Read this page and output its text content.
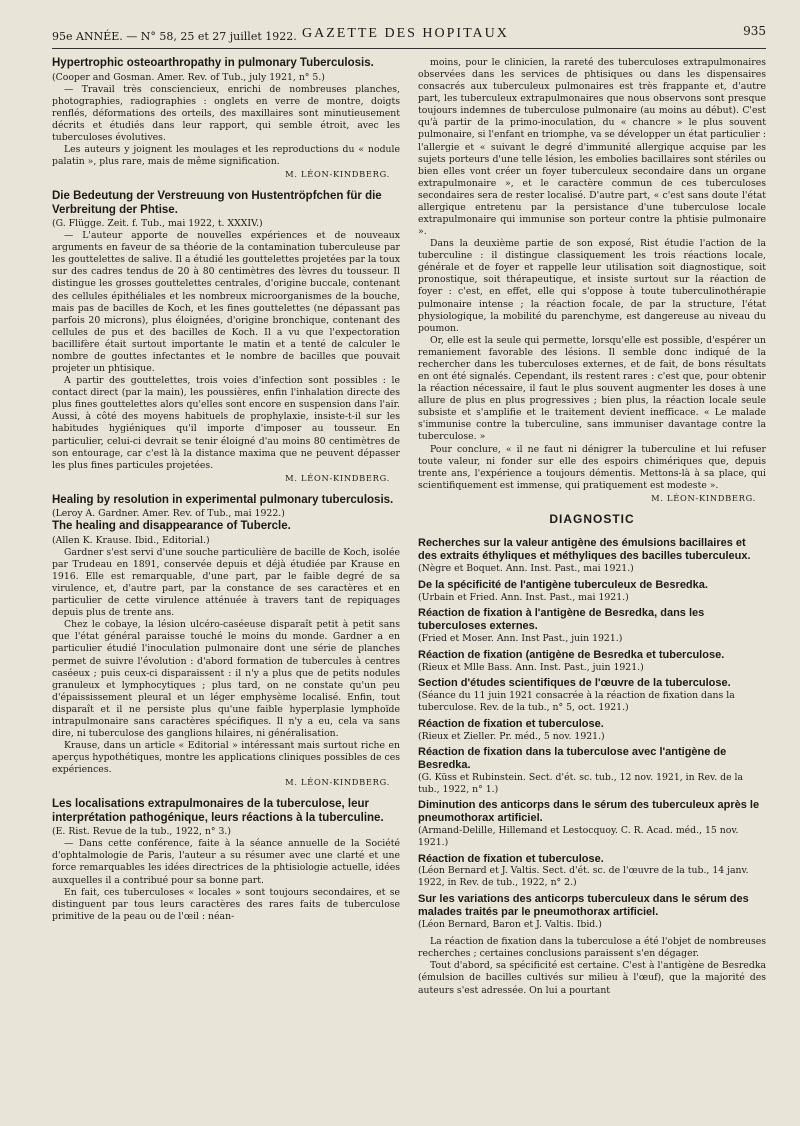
95e ANNÉE. — N° 58, 25 et 27 juillet 1922. GAZETTE DES HOPITAUX	935
Hypertrophic osteoarthropathy in pulmonary Tuberculosis.
(Cooper and Gosman. Amer. Rev. of Tub., july 1921, n° 5.)

— Travail très consciencieux, enrichi de nombreuses planches, photographies, radiographies : onglets en verre de montre, doigts renflés, déformations des orteils, des maxillaires sont minutieusement décrits et étudiés dans leur rapport, qui semble étroit, avec les tuberculoses évolutives.

Les auteurs y joignent les moulages et les reproductions du « nodule palatin », plus rare, mais de même signification.

M. LÉON-KINDBERG.
Die Bedeutung der Verstreuung von Hustentröpfchen für die Verbreitung der Phtise.
(G. Flügge. Zeit. f. Tub., mai 1922, t. XXXIV.)

— L'auteur apporte de nouvelles expériences et de nouveaux arguments en faveur de sa théorie de la contamination tuberculeuse par les gouttelettes de salive. Il a étudié les gouttelettes projetées par la toux sur des cadres tendus de 20 à 80 centimètres des lèvres du tousseur. Il distingue les grosses gouttelettes centrales, d'origine buccale, contenant des cellules épithéliales et les nombreux microorganismes de la bouche, mais pas de bacilles de Koch, et les fines gouttelettes (ne dépassant pas parfois 20 microns), plus éloignées, d'origine bronchique, contenant des cellules de pus et des bacilles de Koch. Il a vu que l'expectoration bacillifère était surtout importante le matin et a tenté de calculer le nombre de gouttes infectantes et le nombre de bacilles que pouvait projeter un phtisique.

A partir des gouttelettes, trois voies d'infection sont possibles : le contact direct (par la main), les poussières, enfin l'inhalation directe des plus fines gouttelettes alors qu'elles sont encore en suspension dans l'air. Aussi, à côté des moyens habituels de prophylaxie, insiste-t-il sur les habitudes hygiéniques qu'il importe d'imposer au tousseur. En particulier, celui-ci devrait se tenir éloigné d'au moins 80 centimètres de son entourage, car c'est là la distance maxima que ne peuvent dépasser les plus fines particules projetées.

M. LÉON-KINDBERG.
Healing by resolution in experimental pulmonary tuberculosis.
(Leroy A. Gardner. Amer. Rev. of Tub., mai 1922.)
The healing and disappearance of Tubercle.
(Allen K. Krause. Ibid., Editorial.)

Gardner s'est servi d'une souche particulière de bacille de Koch, isolée par Trudeau en 1891, conservée depuis et déjà étudiée par Krause en 1916. Elle est remarquable, d'une part, par le faible degré de sa virulence, et, d'autre part, par la constance de ses caractères et en particulier de cette virulence atténuée à travers tant de repiquages depuis plus de trente ans.

Chez le cobaye, la lésion ulcéro-caséeuse disparaît petit à petit sans que l'état général paraisse touché le moins du monde. Gardner a en particulier étudié l'inoculation pulmonaire dont une série de planches permet de suivre l'évolution : d'abord formation de tubercules à centres caséeux ; puis ceux-ci disparaissent : il n'y a plus que de petits nodules granuleux et lymphocytiques ; plus tard, on ne constate qu'un peu d'épaississement pleural et un léger emphysème localisé. Enfin, tout disparaît et il ne persiste plus qu'une faible hyperplasie lymphoïde intrapulmonaire sans caractères spécifiques. Il n'y a eu, cela va sans dire, ni tuberculose des ganglions hilaires, ni généralisation.

Krause, dans un article « Editorial » intéressant mais surtout riche en aperçus hypothétiques, montre les applications cliniques possibles de ces expériences.

M. LÉON-KINDBERG.
Les localisations extrapulmonaires de la tuberculose, leur interprétation pathogénique, leurs réactions à la tuberculine.
(E. Rist. Revue de la tub., 1922, n° 3.)

— Dans cette conférence, faite à la séance annuelle de la Société d'ophtalmologie de Paris, l'auteur a su résumer avec une clarté et une force remarquables les idées directrices de la phtisiologie actuelle, idées auxquelles il a contribué pour sa bonne part.

En fait, ces tuberculoses « locales » sont toujours secondaires, et se distinguent par tous leurs caractères des rares faits de tuberculose primitive de la peau ou de l'œil : néan-

moins, pour le clinicien, la rareté des tuberculoses extrapulmonaires observées dans les services de phtisiques ou dans les dispensaires consacrés aux tuberculeux pulmonaires est très frappante et, d'autre part, les tuberculeux extrapulmonaires que nous observons sont presque toujours indemnes de tuberculose pulmonaire (au moins au début). C'est qu'à partir de la primo-inoculation, du « chancre » le plus souvent pulmonaire, si l'enfant en triomphe, va se développer un état particulier : l'allergie et « suivant le degré d'immunité allergique acquise par les sujets porteurs d'une telle lésion, les embolies bacillaires sont stériles ou bien elles vont créer un foyer tuberculeux secondaire dans un organe extrapulmonaire », et le caractère commun de ces tuberculoses secondaires sera de rester localisé. D'autre part, « c'est sans doute l'état allergique entretenu par la persistance d'une tuberculose locale extrapulmonaire qui immunise son porteur contre la phtisie pulmonaire ».

Dans la deuxième partie de son exposé, Rist étudie l'action de la tuberculine : il distingue classiquement les trois réactions locale, générale et de foyer et rappelle leur utilisation soit diagnostique, soit pronostique, soit thérapeutique, et insiste surtout sur la réaction de foyer : c'est, en effet, elle qui s'oppose à toute tuberculinothérapie pulmonaire intense ; la réaction focale, de par la structure, l'état physiologique, la mobilité du parenchyme, est dangereuse au niveau du poumon.

Or, elle est la seule qui permette, lorsqu'elle est possible, d'espérer un remaniement favorable des lésions. Il semble donc indiqué de la rechercher dans les tuberculoses externes, et de fait, de bons résultats en ont été signalés. Cependant, ils restent rares : c'est que, pour obtenir la réaction nécessaire, il faut le plus souvent augmenter les doses à une allure de plus en plus progressives ; bien plus, la réaction locale seule subsiste et s'amplifie et le traitement devient inefficace. « Le malade s'immunise contre la tuberculine, sans immuniser davantage contre la tuberculose. »

Pour conclure, « il ne faut ni dénigrer la tuberculine et lui refuser toute valeur, ni fonder sur elle des espoirs chimériques que, depuis trente ans, l'expérience a toujours démentis. Mettons-là à sa place, qui scientifiquement est immense, qui pratiquement est modeste ».

M. LÉON-KINDBERG.
DIAGNOSTIC
Recherches sur la valeur antigène des émulsions bacillaires et des extraits éthyliques et méthyliques des bacilles tuberculeux.
(Nègre et Boquet. Ann. Inst. Past., mai 1921.)
De la spécificité de l'antigène tuberculeux de Besredka.
(Urbain et Fried. Ann. Inst. Past., mai 1921.)
Réaction de fixation à l'antigène de Besredka, dans les tuberculoses externes.
(Fried et Moser. Ann. Inst Past., juin 1921.)
Réaction de fixation (antigène de Besredka et tuberculose.
(Rieux et Mlle Bass. Ann. Inst. Past., juin 1921.)
Section d'études scientifiques de l'œuvre de la tuberculose.
(Séance du 11 juin 1921 consacrée à la réaction de fixation dans la tuberculose. Rev. de la tub., n° 5, oct. 1921.)
Réaction de fixation et tuberculose.
(Rieux et Zieller. Pr. méd., 5 nov. 1921.)
Réaction de fixation dans la tuberculose avec l'antigène de Besredka.
(G. Küss et Rubinstein. Sect. d'ét. sc. tub., 12 nov. 1921, in Rev. de la tub., 1922, n° 1.)
Diminution des anticorps dans le sérum des tuberculeux après le pneumothorax artificiel.
(Armand-Delille, Hillemand et Lestocquoy. C. R. Acad. méd., 15 nov. 1921.)
Réaction de fixation et tuberculose.
(Léon Bernard et J. Valtis. Sect. d'ét. sc. de l'œuvre de la tub., 14 janv. 1922, in Rev. de tub., 1922, n° 2.)
Sur les variations des anticorps tuberculeux dans le sérum des malades traités par le pneumothorax artificiel.
(Léon Bernard, Baron et J. Valtis. Ibid.)

La réaction de fixation dans la tuberculose a été l'objet de nombreuses recherches ; certaines conclusions paraissent s'en dégager.

Tout d'abord, sa spécificité est certaine. C'est à l'antigène de Besredka (émulsion de bacilles cultivés sur milieu à l'œuf), que la majorité des auteurs s'est adressée. On lui a pourtant
